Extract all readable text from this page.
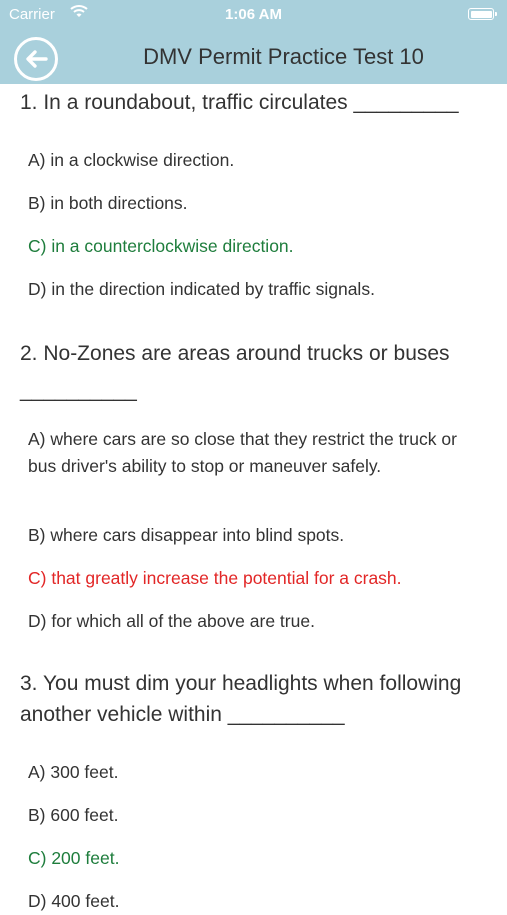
Carrier	1:06 AM
DMV Permit Practice Test 10
1. In a roundabout, traffic circulates _________
A) in a clockwise direction.
B) in both directions.
C) in a counterclockwise direction.
D) in the direction indicated by traffic signals.
2. No-Zones are areas around trucks or buses __________
A) where cars are so close that they restrict the truck or bus driver's ability to stop or maneuver safely.
B) where cars disappear into blind spots.
C) that greatly increase the potential for a crash.
D) for which all of the above are true.
3. You must dim your headlights when following another vehicle within __________
A) 300 feet.
B) 600 feet.
C) 200 feet.
D) 400 feet.
